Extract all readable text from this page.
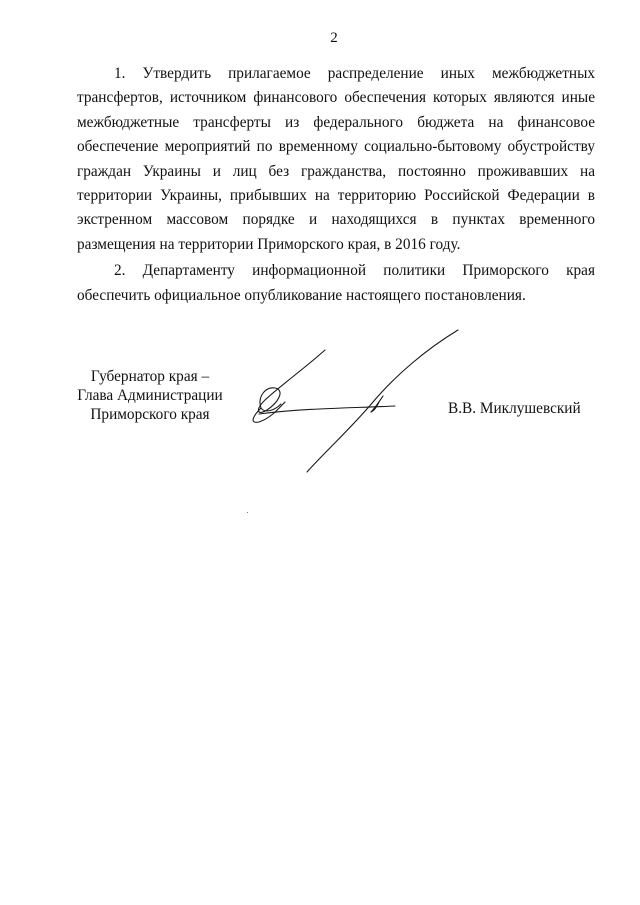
2

1. Утвердить прилагаемое распределение иных межбюджетных трансфертов, источником финансового обеспечения которых являются иные межбюджетные трансферты из федерального бюджета на финансовое обеспечение мероприятий по временному социально-бытовому обустройству граждан Украины и лиц без гражданства, постоянно проживавших на территории Украины, прибывших на территорию Российской Федерации в экстренном массовом порядке и находящихся в пунктах временного размещения на территории Приморского края, в 2016 году.

2. Департаменту информационной политики Приморского края обеспечить официальное опубликование настоящего постановления.

Губернатор края –
Глава Администрации
Приморского края	В.В. Миклушевский
